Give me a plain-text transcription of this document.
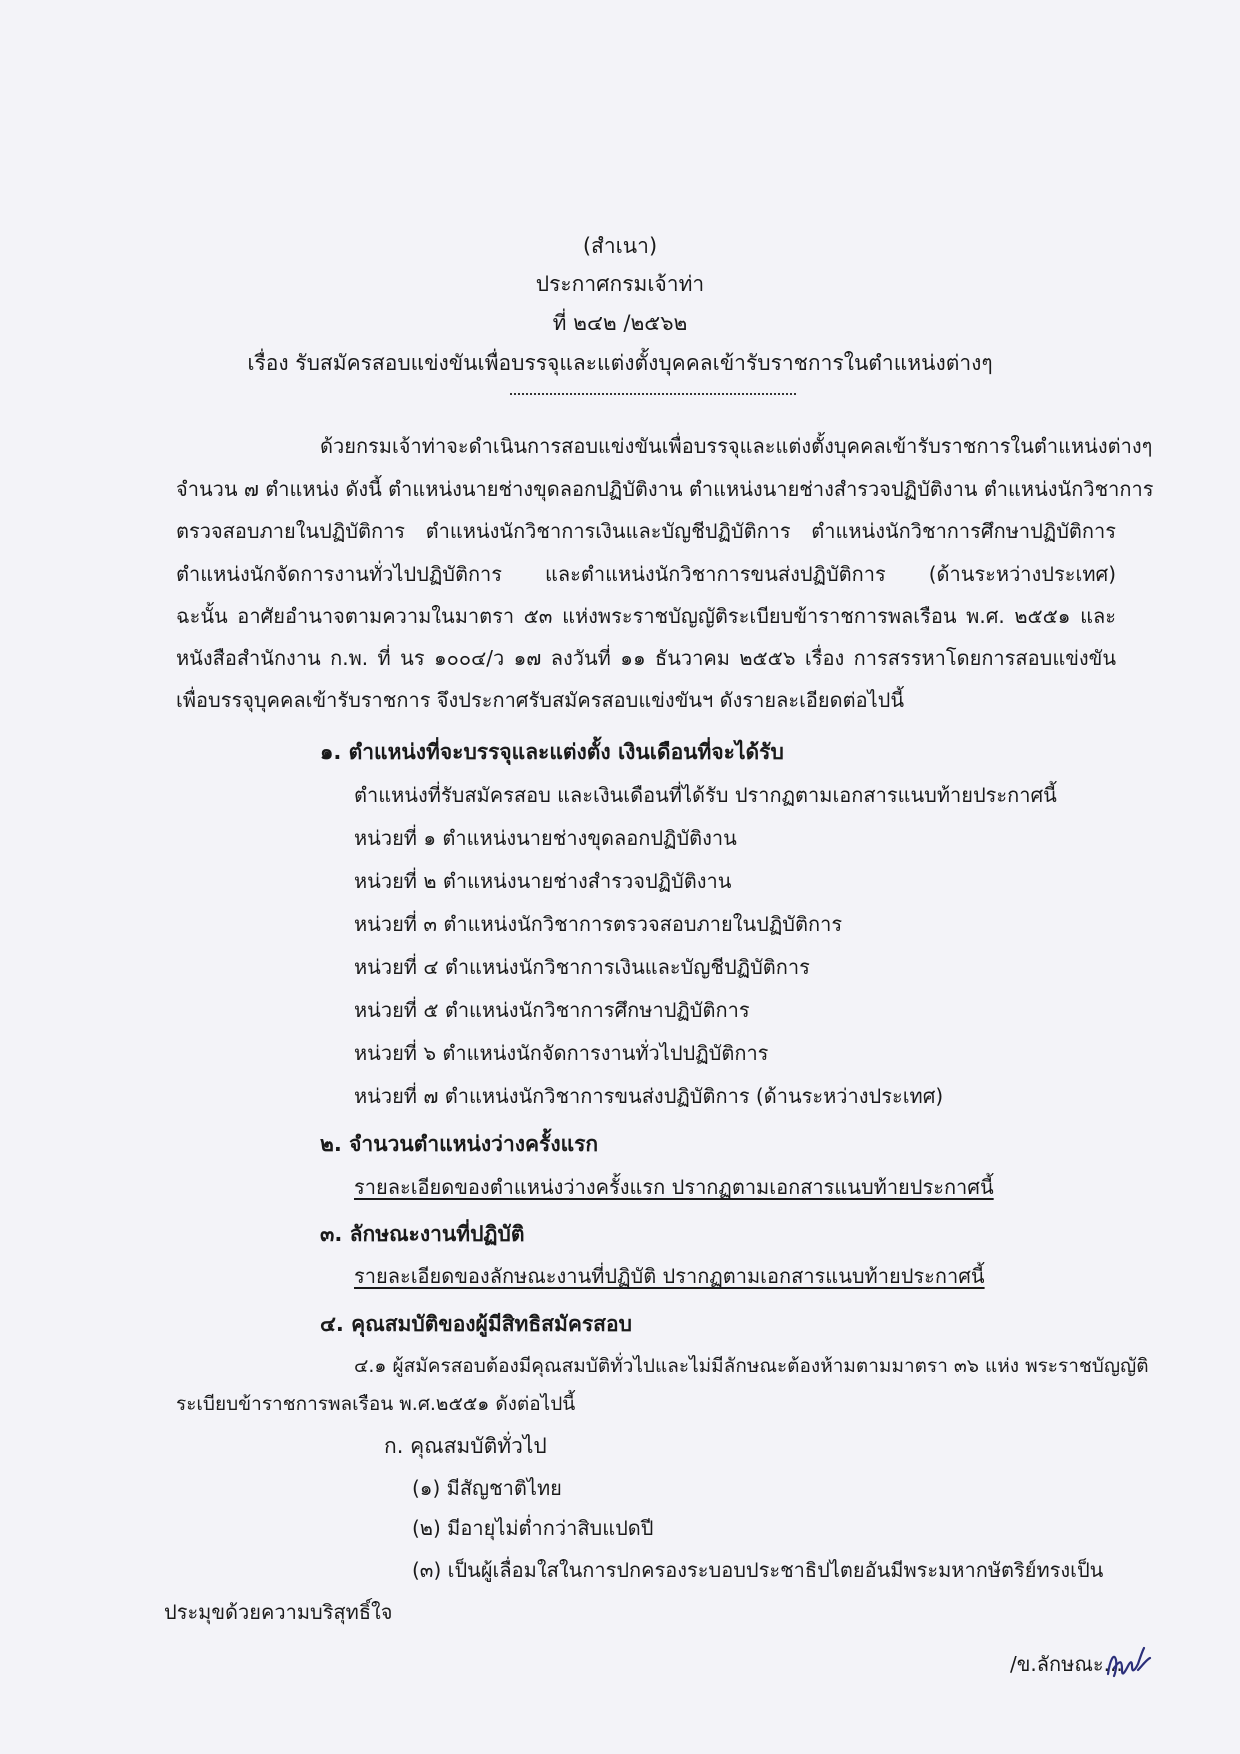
(สำเนา)
ประกาศกรมเจ้าท่า
ที่ ๒๔๒ /๒๕๖๒
เรื่อง รับสมัครสอบแข่งขันเพื่อบรรจุและแต่งตั้งบุคคลเข้ารับราชการในตำแหน่งต่างๆ
ด้วยกรมเจ้าท่าจะดำเนินการสอบแข่งขันเพื่อบรรจุและแต่งตั้งบุคคลเข้ารับราชการในตำแหน่งต่างๆ
จำนวน ๗ ตำแหน่ง ดังนี้ ตำแหน่งนายช่างขุดลอกปฏิบัติงาน ตำแหน่งนายช่างสำรวจปฏิบัติงาน ตำแหน่งนักวิชาการ
ตรวจสอบภายในปฏิบัติการ ตำแหน่งนักวิชาการเงินและบัญชีปฏิบัติการ ตำแหน่งนักวิชาการศึกษาปฏิบัติการ
ตำแหน่งนักจัดการงานทั่วไปปฏิบัติการ และตำแหน่งนักวิชาการขนส่งปฏิบัติการ (ด้านระหว่างประเทศ)
ฉะนั้น อาศัยอำนาจตามความในมาตรา ๕๓ แห่งพระราชบัญญัติระเบียบข้าราชการพลเรือน พ.ศ. ๒๕๕๑ และ
หนังสือสำนักงาน ก.พ. ที่ นร ๑๐๐๔/ว ๑๗ ลงวันที่ ๑๑ ธันวาคม ๒๕๕๖ เรื่อง การสรรหาโดยการสอบแข่งขัน
เพื่อบรรจุบุคคลเข้ารับราชการ จึงประกาศรับสมัครสอบแข่งขันฯ ดังรายละเอียดต่อไปนี้
๑. ตำแหน่งที่จะบรรจุและแต่งตั้ง เงินเดือนที่จะได้รับ
ตำแหน่งที่รับสมัครสอบ และเงินเดือนที่ได้รับ ปรากฏตามเอกสารแนบท้ายประกาศนี้
หน่วยที่ ๑ ตำแหน่งนายช่างขุดลอกปฏิบัติงาน
หน่วยที่ ๒ ตำแหน่งนายช่างสำรวจปฏิบัติงาน
หน่วยที่ ๓ ตำแหน่งนักวิชาการตรวจสอบภายในปฏิบัติการ
หน่วยที่ ๔ ตำแหน่งนักวิชาการเงินและบัญชีปฏิบัติการ
หน่วยที่ ๕ ตำแหน่งนักวิชาการศึกษาปฏิบัติการ
หน่วยที่ ๖ ตำแหน่งนักจัดการงานทั่วไปปฏิบัติการ
หน่วยที่ ๗ ตำแหน่งนักวิชาการขนส่งปฏิบัติการ (ด้านระหว่างประเทศ)
๒. จำนวนตำแหน่งว่างครั้งแรก
รายละเอียดของตำแหน่งว่างครั้งแรก ปรากฏตามเอกสารแนบท้ายประกาศนี้
๓. ลักษณะงานที่ปฏิบัติ
รายละเอียดของลักษณะงานที่ปฏิบัติ ปรากฏตามเอกสารแนบท้ายประกาศนี้
๔. คุณสมบัติของผู้มีสิทธิสมัครสอบ
๔.๑ ผู้สมัครสอบต้องมีคุณสมบัติทั่วไปและไม่มีลักษณะต้องห้ามตามมาตรา ๓๖ แห่ง พระราชบัญญัติ
ระเบียบข้าราชการพลเรือน พ.ศ.๒๕๕๑ ดังต่อไปนี้
ก. คุณสมบัติทั่วไป
(๑) มีสัญชาติไทย
(๒) มีอายุไม่ต่ำกว่าสิบแปดปี
(๓) เป็นผู้เลื่อมใสในการปกครองระบอบประชาธิปไตยอันมีพระมหากษัตริย์ทรงเป็น
ประมุขด้วยความบริสุทธิ์ใจ
/ข.ลักษณะ...
